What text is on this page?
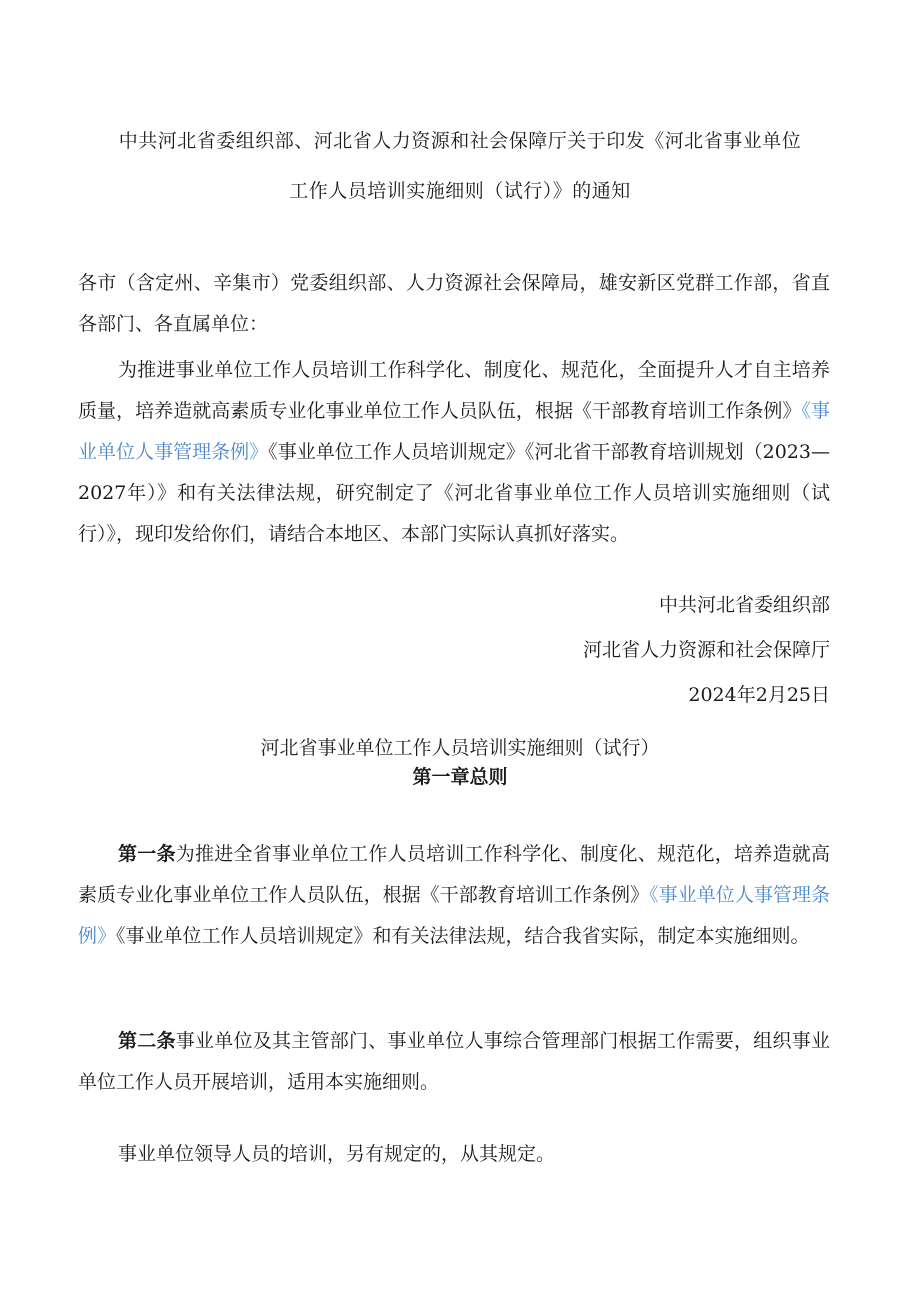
中共河北省委组织部、河北省人力资源和社会保障厅关于印发《河北省事业单位
工作人员培训实施细则（试行）》的通知
各市（含定州、辛集市）党委组织部、人力资源社会保障局，雄安新区党群工作部，省直各部门、各直属单位：
为推进事业单位工作人员培训工作科学化、制度化、规范化，全面提升人才自主培养质量，培养造就高素质专业化事业单位工作人员队伍，根据《干部教育培训工作条例》《事业单位人事管理条例》《事业单位工作人员培训规定》《河北省干部教育培训规划（2023—2027年）》和有关法律法规，研究制定了《河北省事业单位工作人员培训实施细则（试行）》，现印发给你们，请结合本地区、本部门实际认真抓好落实。
中共河北省委组织部
河北省人力资源和社会保障厅
2024年2月25日
河北省事业单位工作人员培训实施细则（试行）
第一章总则
第一条为推进全省事业单位工作人员培训工作科学化、制度化、规范化，培养造就高素质专业化事业单位工作人员队伍，根据《干部教育培训工作条例》《事业单位人事管理条例》《事业单位工作人员培训规定》和有关法律法规，结合我省实际，制定本实施细则。
第二条事业单位及其主管部门、事业单位人事综合管理部门根据工作需要，组织事业单位工作人员开展培训，适用本实施细则。
事业单位领导人员的培训，另有规定的，从其规定。
